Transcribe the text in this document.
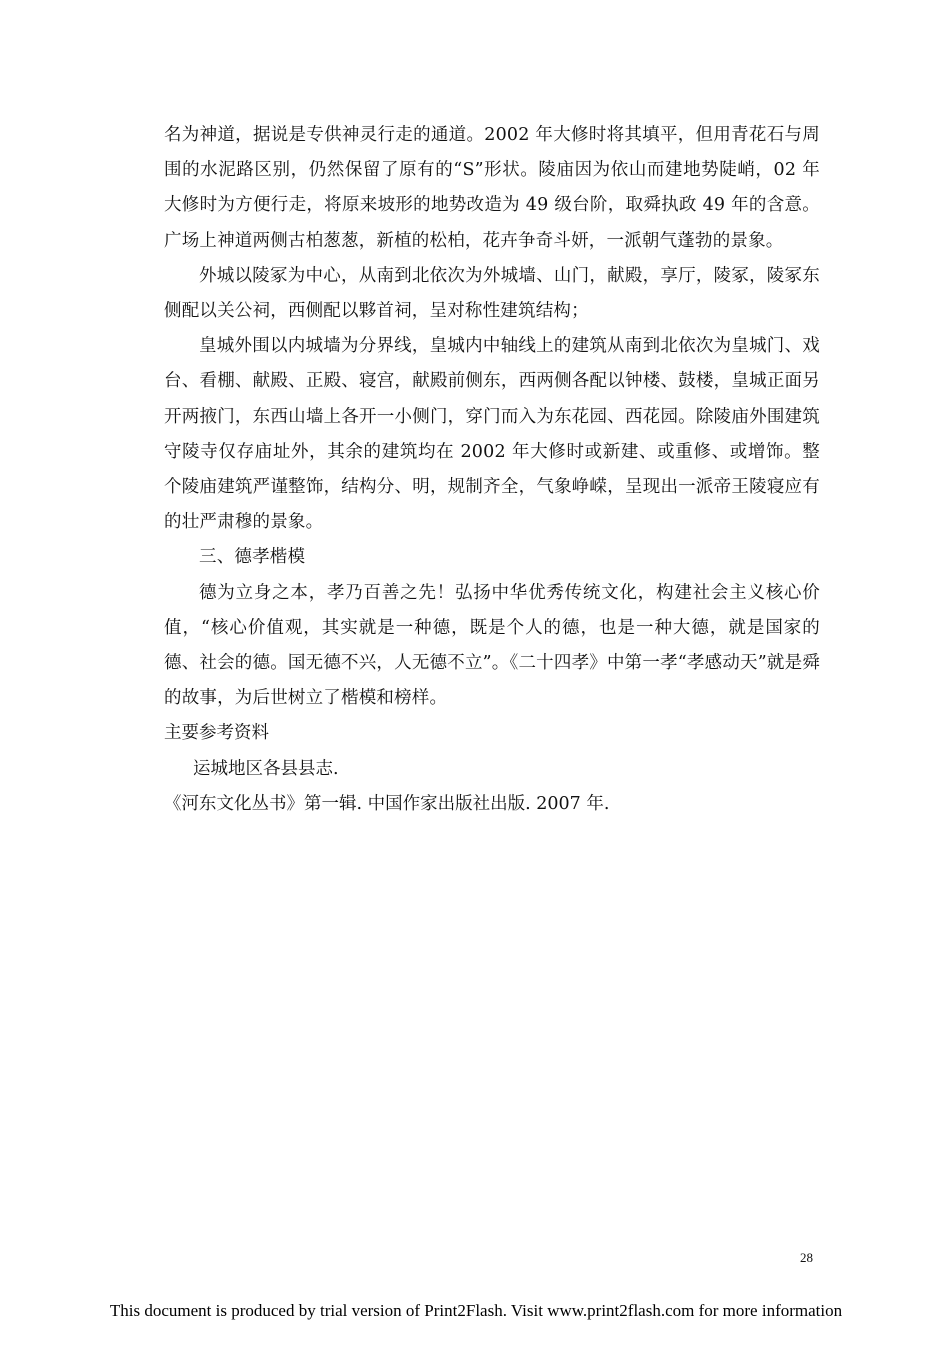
名为神道，据说是专供神灵行走的通道。2002 年大修时将其填平，但用青花石与周围的水泥路区别，仍然保留了原有的“S”形状。陵庙因为依山而建地势陡峭，02 年大修时为方便行走，将原来坡形的地势改造为 49 级台阶，取舜执政 49 年的含意。广场上神道两侧古柏葱葱，新植的松柏，花卉争奇斗妍，一派朝气蓬勃的景象。

外城以陵冢为中心，从南到北依次为外城墙、山门，献殿，享厅，陵冢，陵冢东侧配以关公祠，西侧配以夥首祠，呈对称性建筑结构；

皇城外围以内城墙为分界线，皇城内中轴线上的建筑从南到北依次为皇城门、戏台、看棚、献殿、正殿、寝宫，献殿前侧东，西两侧各配以钟楼、鼓楼，皇城正面另开两掖门，东西山墙上各开一小侧门，穿门而入为东花园、西花园。除陵庙外围建筑守陵寺仅存庙址外，其余的建筑均在 2002 年大修时或新建、或重修、或增饰。整个陵庙建筑严谨整饰，结构分、明，规制齐全，气象峥嵘，呈现出一派帝王陵寝应有的壮严肃穆的景象。

三、德孝楷模

德为立身之本，孝乃百善之先！弘扬中华优秀传统文化，构建社会主义核心价值，“核心价值观，其实就是一种德，既是个人的德，也是一种大德，就是国家的德、社会的德。国无德不兴，人无德不立”。《二十四孝》中第一孝“孝感动天”就是舜的故事，为后世树立了楷模和榜样。

主要参考资料

运城地区各县县志.

《河东文化丛书》第一辑. 中国作家出版社出版. 2007 年.

28
This document is produced by trial version of Print2Flash. Visit www.print2flash.com for more information
